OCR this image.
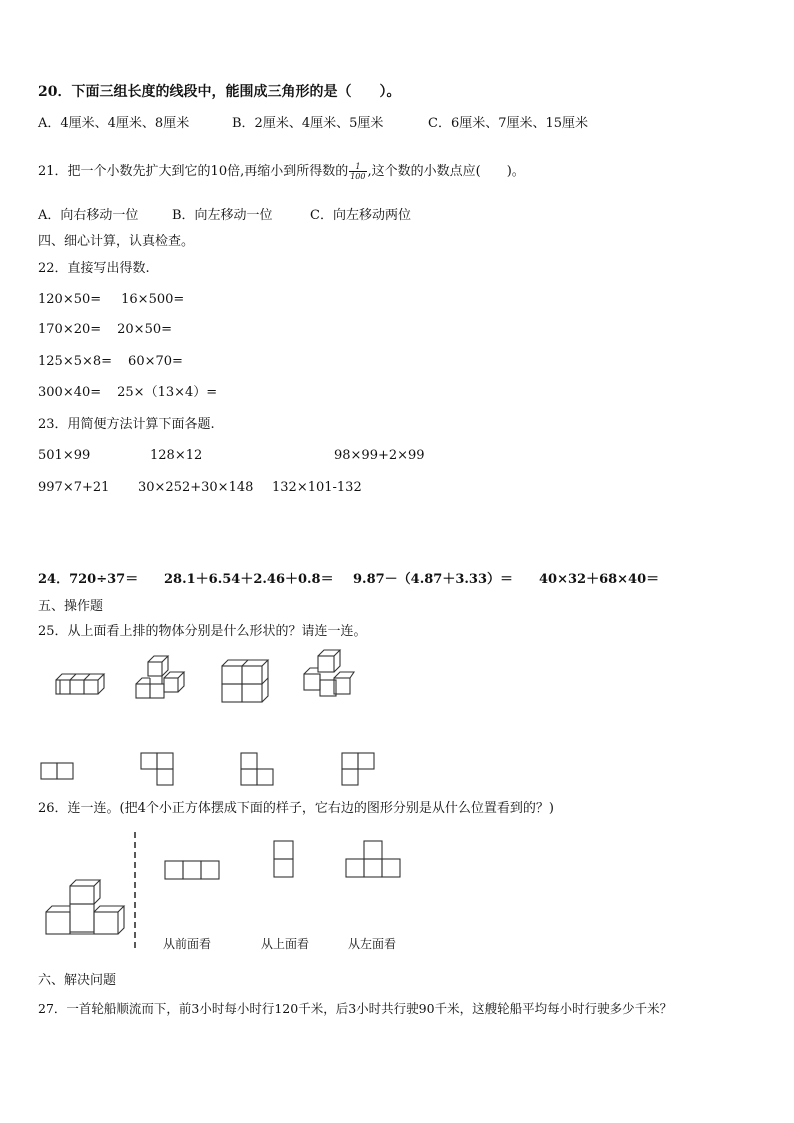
20．下面三组长度的线段中，能围成三角形的是（　　）。
A．4厘米、4厘米、8厘米	B．2厘米、4厘米、5厘米	C．6厘米、7厘米、15厘米
21．把一个小数先扩大到它的10倍,再缩小到所得数的 $\frac{1}{100}$ ,这个数的小数点应(　　)。
A．向右移动一位	B．向左移动一位	C．向左移动两位
四、细心计算，认真检查。
22．直接写出得数.
120×50= 16×500=
170×20= 20×50=
125×5×8= 60×70=
300×40= 25×（13×4）=
23．用简便方法计算下面各题.
501×99	128×12	98×99+2×99
997×7+21 30×252+30×148 132×101-132
24．720÷37＝ 28.1＋6.54＋2.46＋0.8＝ 9.87－（4.87＋3.33）＝ 40×32＋68×40＝
五、操作题
25．从上面看上排的物体分别是什么形状的？请连一连。
26．连一连。(把4个小正方体摆成下面的样子，它右边的图形分别是从什么位置看到的？)
从前面看	从上面看	从左面看
六、解决问题
27．一首轮船顺流而下，前3小时每小时行120千米，后3小时共行驶90千米，这艘轮船平均每小时行驶多少千米？
